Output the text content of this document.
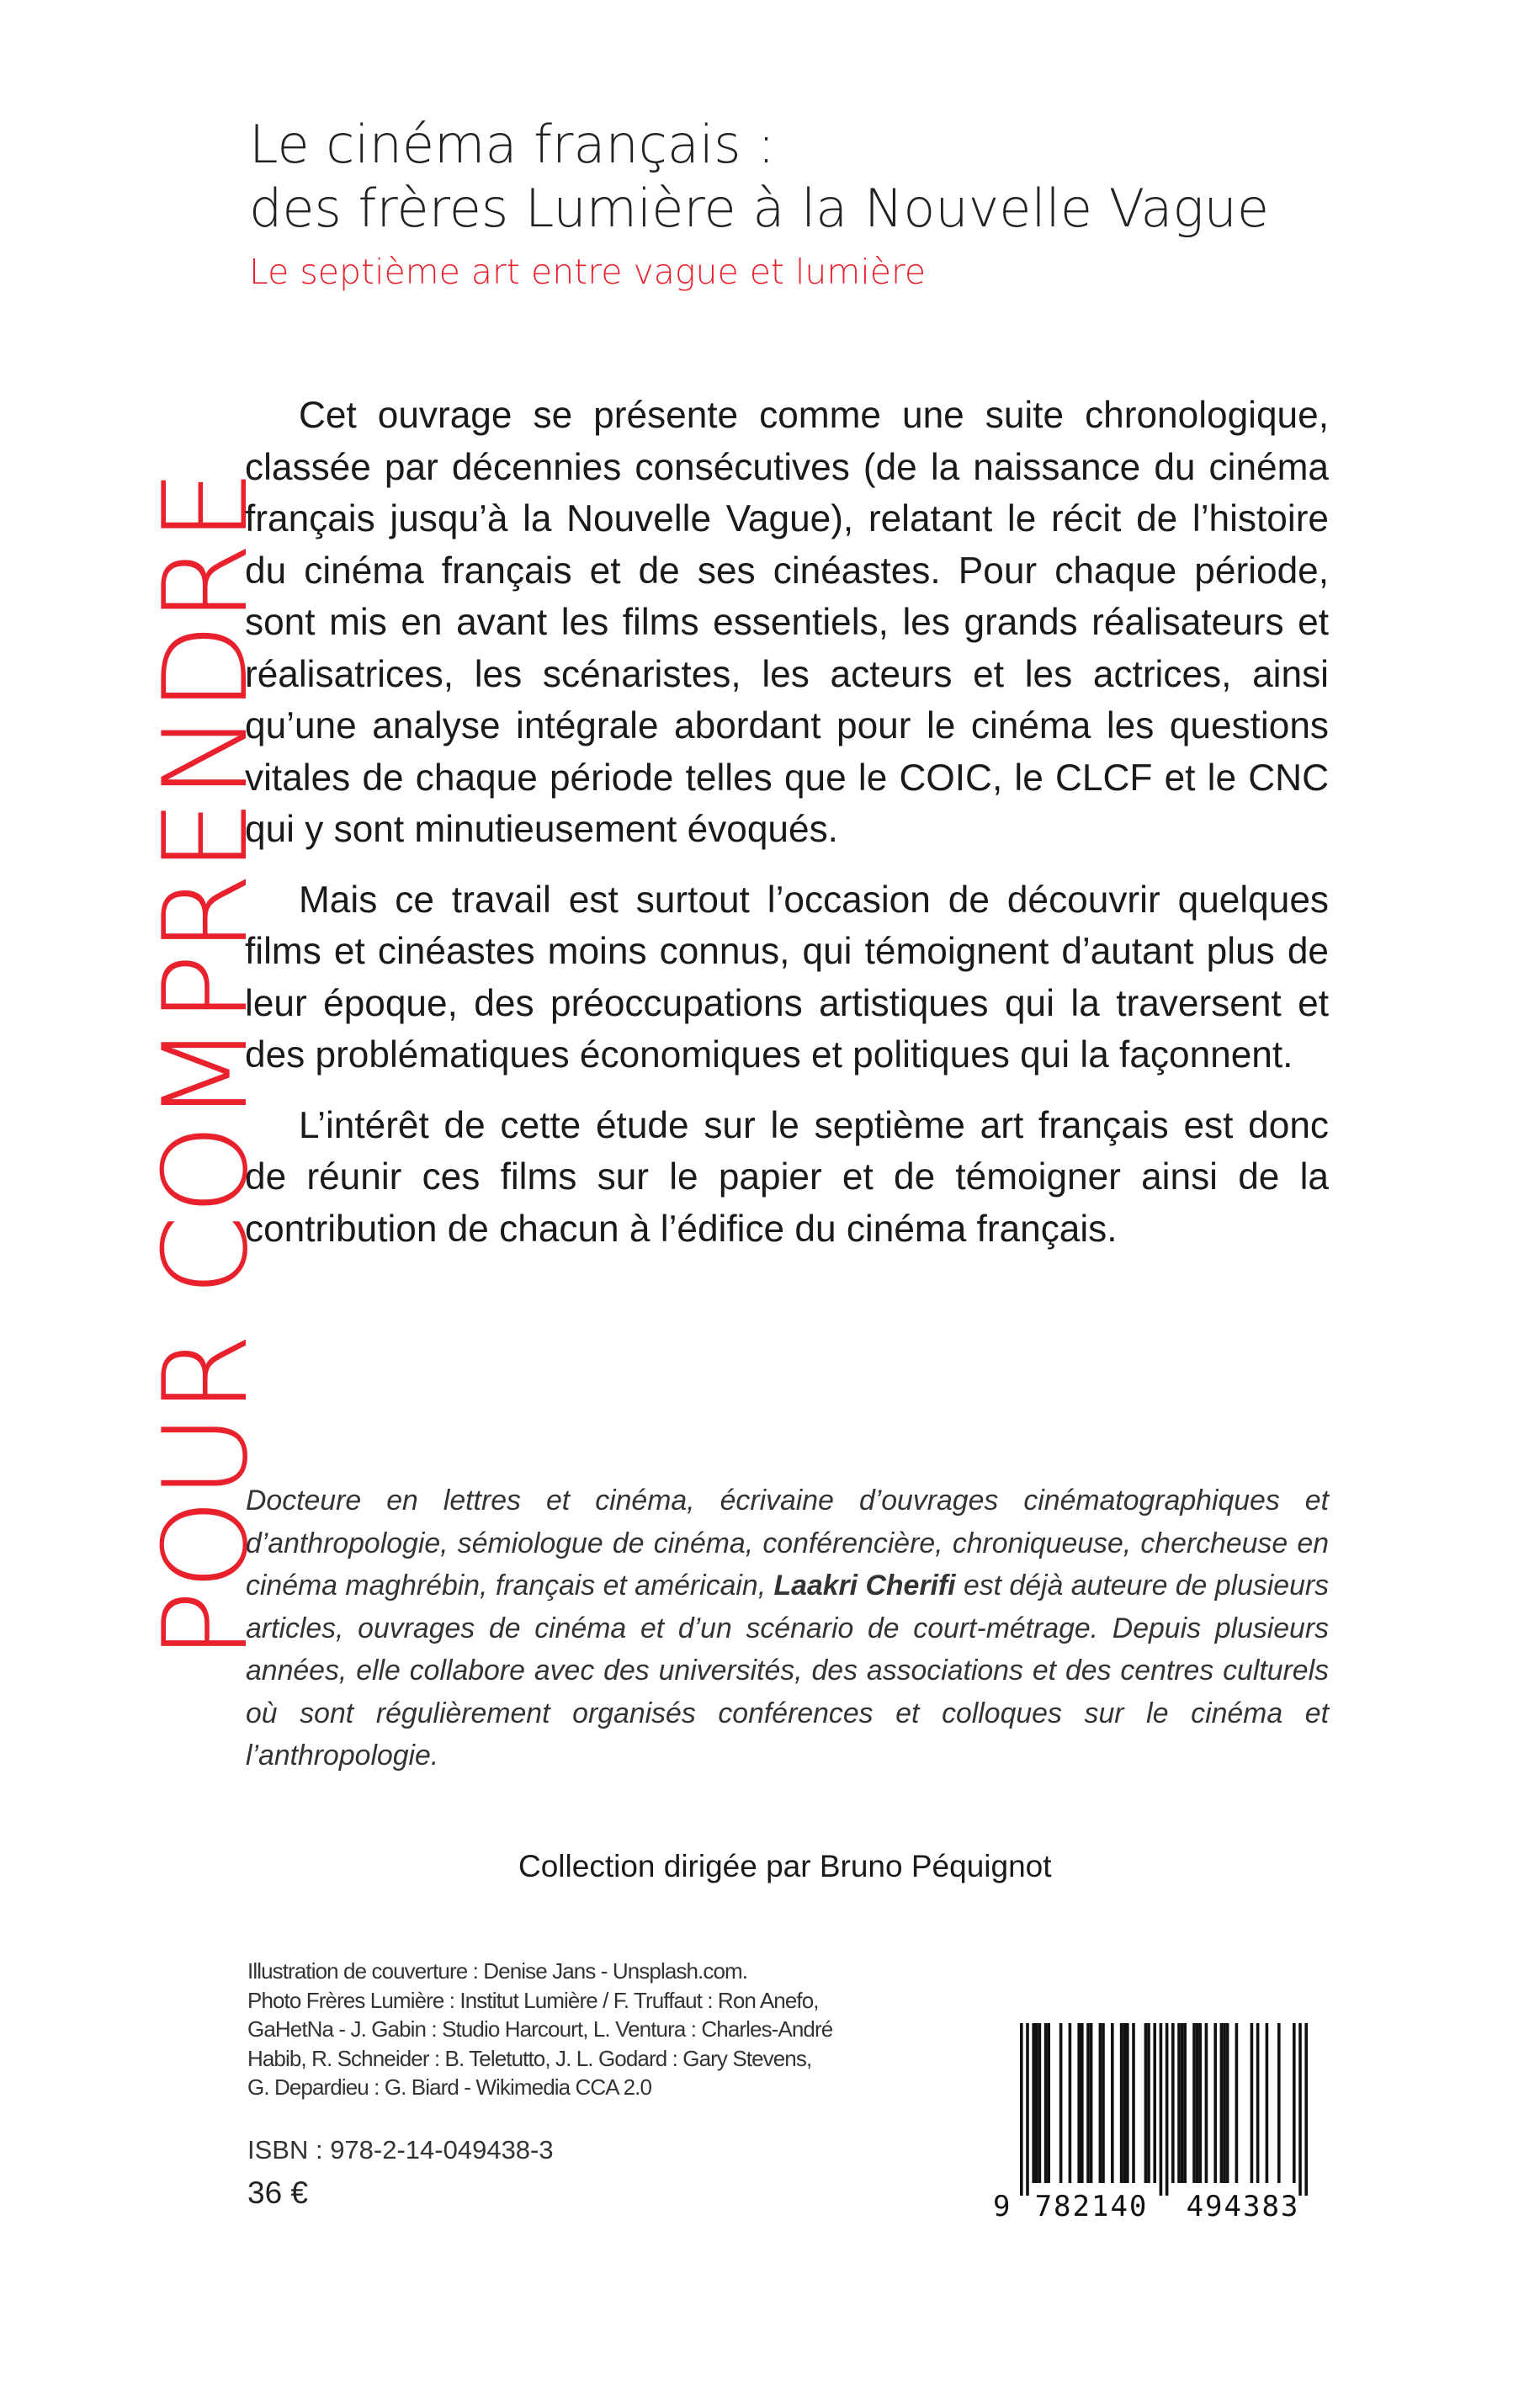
POUR COMPRENDRE
Le cinéma français :
des frères Lumière à la Nouvelle Vague
Le septième art entre vague et lumière

Cet ouvrage se présente comme une suite chronologique, classée par décennies consécutives (de la naissance du cinéma français jusqu’à la Nouvelle Vague), relatant le récit de l’histoire du cinéma français et de ses cinéastes. Pour chaque période, sont mis en avant les films essentiels, les grands réalisateurs et réalisatrices, les scénaristes, les acteurs et les actrices, ainsi qu’une analyse intégrale abordant pour le cinéma les questions vitales de chaque période telles que le COIC, le CLCF et le CNC qui y sont minutieusement évoqués.

Mais ce travail est surtout l’occasion de découvrir quelques films et cinéastes moins connus, qui témoignent d’autant plus de leur époque, des préoccupations artistiques qui la traversent et des problématiques économiques et politiques qui la façonnent.

L’intérêt de cette étude sur le septième art français est donc de réunir ces films sur le papier et de témoigner ainsi de la contribution de chacun à l’édifice du cinéma français.

Docteure en lettres et cinéma, écrivaine d’ouvrages cinématographiques et d’anthropologie, sémiologue de cinéma, conférencière, chroniqueuse, chercheuse en cinéma maghrébin, français et américain, Laakri Cherifi est déjà auteure de plusieurs articles, ouvrages de cinéma et d’un scénario de court-métrage. Depuis plusieurs années, elle collabore avec des universités, des associations et des centres culturels où sont régulièrement organisés conférences et colloques sur le cinéma et l’anthropologie.

Collection dirigée par Bruno Péquignot
Illustration de couverture : Denise Jans - Unsplash.com.
Photo Frères Lumière : Institut Lumière / F. Truffaut : Ron Anefo,
GaHetNa - J. Gabin : Studio Harcourt, L. Ventura : Charles-André
Habib, R. Schneider : B. Teletutto, J. L. Godard : Gary Stevens,
G. Depardieu : G. Biard - Wikimedia CCA 2.0
ISBN : 978-2-14-049438-3
36 €	9 782140	494383
